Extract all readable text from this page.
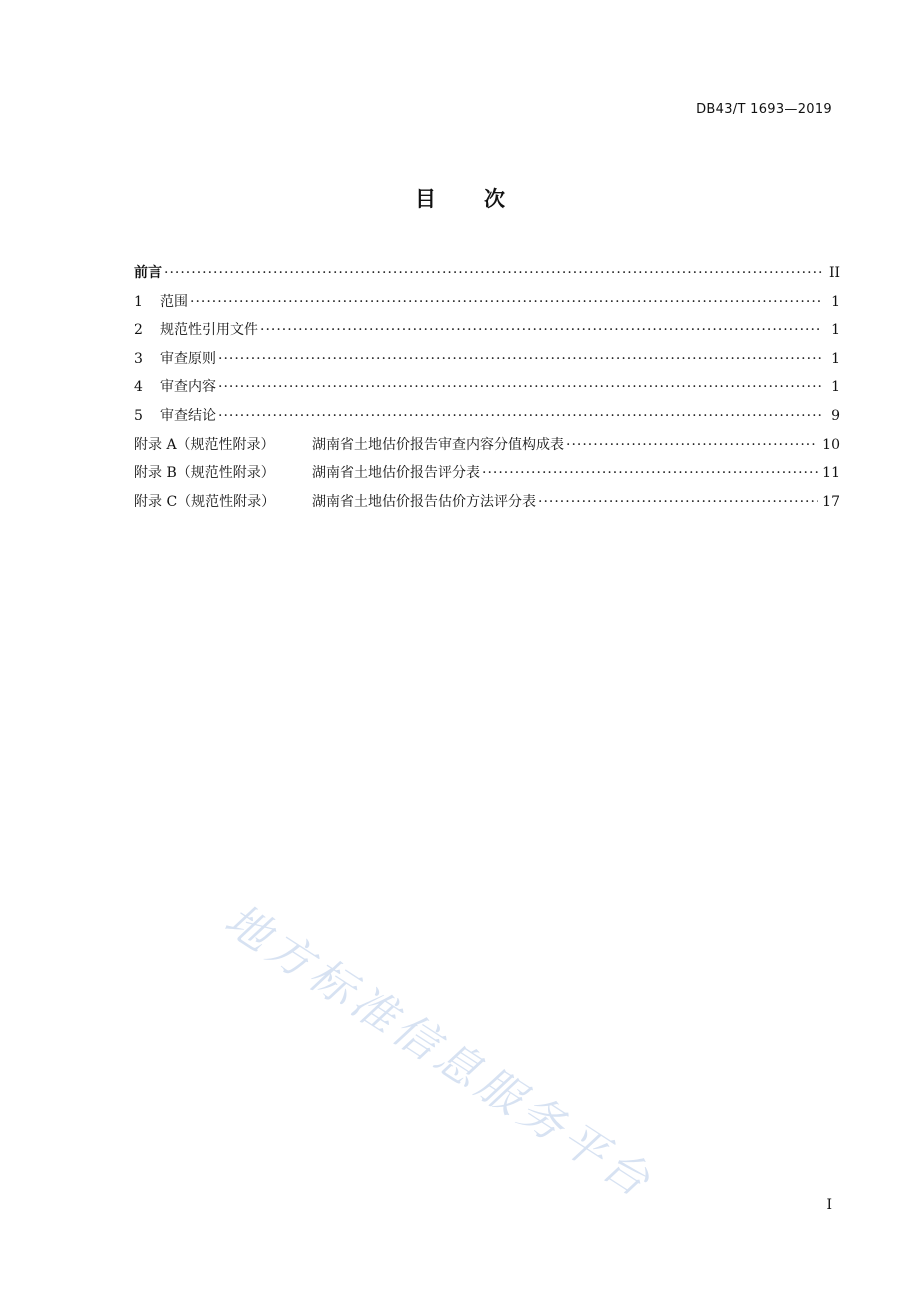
DB43/T 1693—2019
目 次
前言 ·····	II
1 范围 ·····	1
2 规范性引用文件 ·····	1
3 审查原则 ·····	1
4 审查内容 ·····	1
5 审查结论 ·····	9
附录 A（规范性附录）	湖南省土地估价报告审查内容分值构成表 ·····	10
附录 B（规范性附录）	湖南省土地估价报告评分表 ·····	11
附录 C（规范性附录）	湖南省土地估价报告估价方法评分表 ·····	17
地方标准信息服务平台	I
